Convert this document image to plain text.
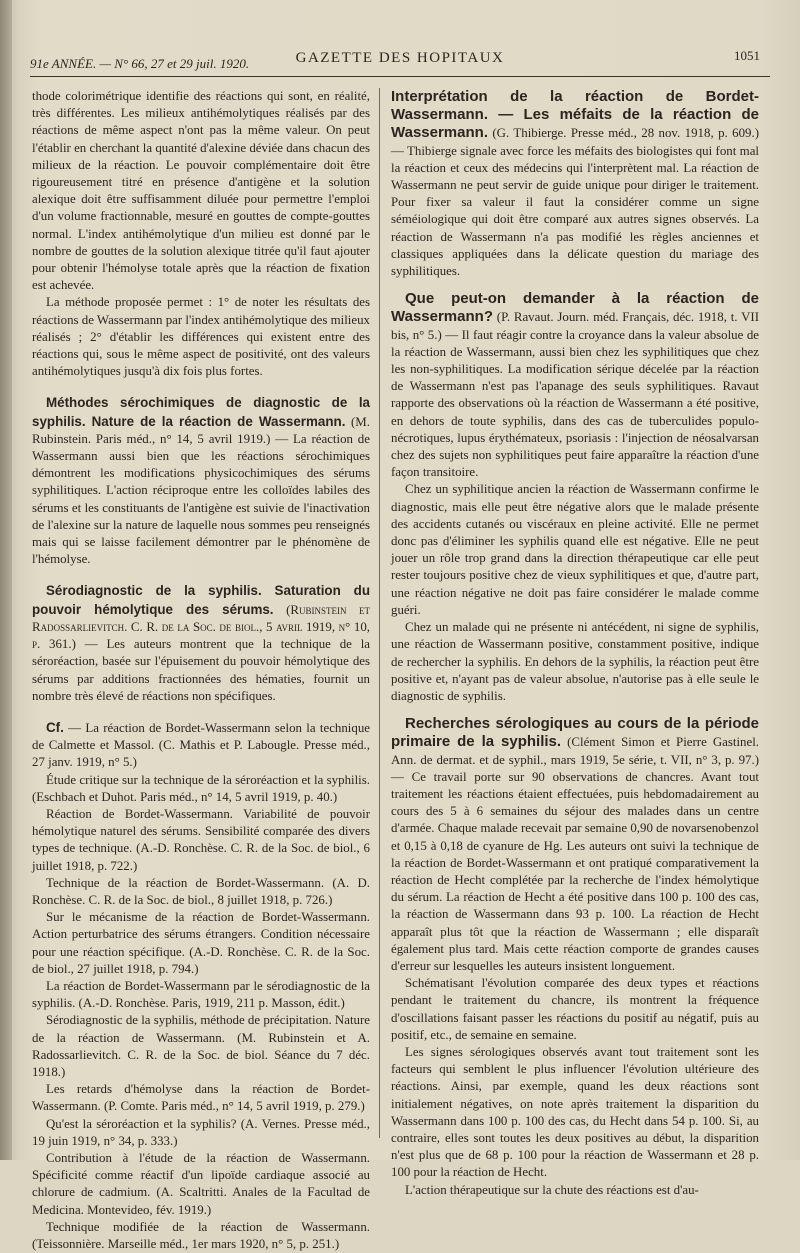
91e ANNÉE. — N° 66, 27 et 29 juil. 1920.	GAZETTE DES HOPITAUX	1051

thode colorimétrique identifie des réactions qui sont, en réalité, très différentes. Les milieux antihémolytiques réalisés par des réactions de même aspect n'ont pas la même valeur. On peut l'établir en cherchant la quantité d'alexine déviée dans chacun des milieux de la réaction. Le pouvoir complémentaire doit être rigoureusement titré en présence d'antigène et la solution alexique doit être suffisamment diluée pour permettre l'emploi d'un volume fractionnable, mesuré en gouttes de compte-gouttes normal. L'index antihémolytique d'un milieu est donné par le nombre de gouttes de la solution alexique titrée qu'il faut ajouter pour obtenir l'hémolyse totale après que la réaction de fixation est achevée.

La méthode proposée permet : 1° de noter les résultats des réactions de Wassermann par l'index antihémolytique des milieux réalisés ; 2° d'établir les différences qui existent entre des réactions qui, sous le même aspect de positivité, ont des valeurs antihémolytiques jusqu'à dix fois plus fortes.

Méthodes sérochimiques de diagnostic de la syphilis. Nature de la réaction de Wassermann. (M. Rubinstein. Paris méd., n° 14, 5 avril 1919.) — La réaction de Wassermann aussi bien que les réactions sérochimiques démontrent les modifications physicochimiques des sérums syphilitiques. L'action réciproque entre les colloïdes labiles des sérums et les constituants de l'antigène est suivie de l'inactivation de l'alexine sur la nature de laquelle nous sommes peu renseignés mais qui se laisse facilement démontrer par le phénomène de l'hémolyse.

Sérodiagnostic de la syphilis. Saturation du pouvoir hémolytique des sérums. (Rubinstein et Radossarlievitch. C. R. de la Soc. de biol., 5 avril 1919, n° 10, p. 361.) — Les auteurs montrent que la technique de la séroréaction, basée sur l'épuisement du pouvoir hémolytique des sérums par additions fractionnées des hématies, fournit un nombre très élevé de réactions non spécifiques.

Cf. — La réaction de Bordet-Wassermann selon la technique de Calmette et Massol. (C. Mathis et P. Labougle. Presse méd., 27 janv. 1919, n° 5.)

Étude critique sur la technique de la séroréaction et la syphilis. (Eschbach et Duhot. Paris méd., n° 14, 5 avril 1919, p. 40.)

Réaction de Bordet-Wassermann. Variabilité de pouvoir hémolytique naturel des sérums. Sensibilité comparée des divers types de technique. (A.-D. Ronchèse. C. R. de la Soc. de biol., 6 juillet 1918, p. 722.)

Technique de la réaction de Bordet-Wassermann. (A. D. Ronchèse. C. R. de la Soc. de biol., 8 juillet 1918, p. 726.)

Sur le mécanisme de la réaction de Bordet-Wassermann. Action perturbatrice des sérums étrangers. Condition nécessaire pour une réaction spécifique. (A.-D. Ronchèse. C. R. de la Soc. de biol., 27 juillet 1918, p. 794.)

La réaction de Bordet-Wassermann par le sérodiagnostic de la syphilis. (A.-D. Ronchèse. Paris, 1919, 211 p. Masson, édit.)

Sérodiagnostic de la syphilis, méthode de précipitation. Nature de la réaction de Wassermann. (M. Rubinstein et A. Radossarlievitch. C. R. de la Soc. de biol. Séance du 7 déc. 1918.)

Les retards d'hémolyse dans la réaction de Bordet-Wassermann. (P. Comte. Paris méd., n° 14, 5 avril 1919, p. 279.)

Qu'est la séroréaction et la syphilis? (A. Vernes. Presse méd., 19 juin 1919, n° 34, p. 333.)

Contribution à l'étude de la réaction de Wassermann. Spécificité comme réactif d'un lipoïde cardiaque associé au chlorure de cadmium. (A. Scaltritti. Anales de la Facultad de Medicina. Montevideo, fév. 1919.)

Technique modifiée de la réaction de Wassermann. (Teissonnière. Marseille méd., 1er mars 1920, n° 5, p. 251.)

Interprétation de la réaction de Bordet-Wassermann. — Les méfaits de la réaction de Wassermann. (G. Thibierge. Presse méd., 28 nov. 1918, p. 609.) — Thibierge signale avec force les méfaits des biologistes qui font mal la réaction et ceux des médecins qui l'interprètent mal. La réaction de Wassermann ne peut servir de guide unique pour diriger le traitement. Pour fixer sa valeur il faut la considérer comme un signe séméiologique qui doit être comparé aux autres signes observés. La réaction de Wassermann n'a pas modifié les règles anciennes et classiques appliquées dans la délicate question du mariage des syphilitiques.

Que peut-on demander à la réaction de Wassermann? (P. Ravaut. Journ. méd. Français, déc. 1918, t. VII bis, n° 5.) — Il faut réagir contre la croyance dans la valeur absolue de la réaction de Wassermann, aussi bien chez les syphilitiques que chez les non-syphilitiques. La modification sérique décelée par la réaction de Wassermann n'est pas l'apanage des seuls syphilitiques. Ravaut rapporte des observations où la réaction de Wassermann a été positive, en dehors de toute syphilis, dans des cas de tuberculides populo-nécrotiques, lupus érythémateux, psoriasis : l'injection de néosalvarsan chez des sujets non syphilitiques peut faire apparaître la réaction d'une façon transitoire.

Chez un syphilitique ancien la réaction de Wassermann confirme le diagnostic, mais elle peut être négative alors que le malade présente des accidents cutanés ou viscéraux en pleine activité. Elle ne permet donc pas d'éliminer les syphilis quand elle est négative. Elle ne peut jouer un rôle trop grand dans la direction thérapeutique car elle peut rester toujours positive chez de vieux syphilitiques et que, d'autre part, une réaction négative ne doit pas faire considérer le malade comme guéri.

Chez un malade qui ne présente ni antécédent, ni signe de syphilis, une réaction de Wassermann positive, constamment positive, indique de rechercher la syphilis. En dehors de la syphilis, la réaction peut être positive et, n'ayant pas de valeur absolue, n'autorise pas à elle seule le diagnostic de syphilis.

Recherches sérologiques au cours de la période primaire de la syphilis. (Clément Simon et Pierre Gastinel. Ann. de dermat. et de syphil., mars 1919, 5e série, t. VII, n° 3, p. 97.) — Ce travail porte sur 90 observations de chancres. Avant tout traitement les réactions étaient effectuées, puis hebdomadairement au cours des 5 à 6 semaines du séjour des malades dans un centre d'armée. Chaque malade recevait par semaine 0,90 de novarsenobenzol et 0,15 à 0,18 de cyanure de Hg. Les auteurs ont suivi la technique de la réaction de Bordet-Wassermann et ont pratiqué comparativement la réaction de Hecht complétée par la recherche de l'index hémolytique du sérum. La réaction de Hecht a été positive dans 100 p. 100 des cas, la réaction de Wassermann dans 93 p. 100. La réaction de Hecht apparaît plus tôt que la réaction de Wassermann ; elle disparaît également plus tard. Mais cette réaction comporte de grandes causes d'erreur sur lesquelles les auteurs insistent longuement.

Schématisant l'évolution comparée des deux types et réactions pendant le traitement du chancre, ils montrent la fréquence d'oscillations faisant passer les réactions du positif au négatif, puis au positif, etc., de semaine en semaine.

Les signes sérologiques observés avant tout traitement sont les facteurs qui semblent le plus influencer l'évolution ultérieure des réactions. Ainsi, par exemple, quand les deux réactions sont initialement négatives, on note après traitement la disparition du Wassermann dans 100 p. 100 des cas, du Hecht dans 54 p. 100. Si, au contraire, elles sont toutes les deux positives au début, la disparition n'est plus que de 68 p. 100 pour la réaction de Wassermann et 28 p. 100 pour la réaction de Hecht.

L'action thérapeutique sur la chute des réactions est d'au-
